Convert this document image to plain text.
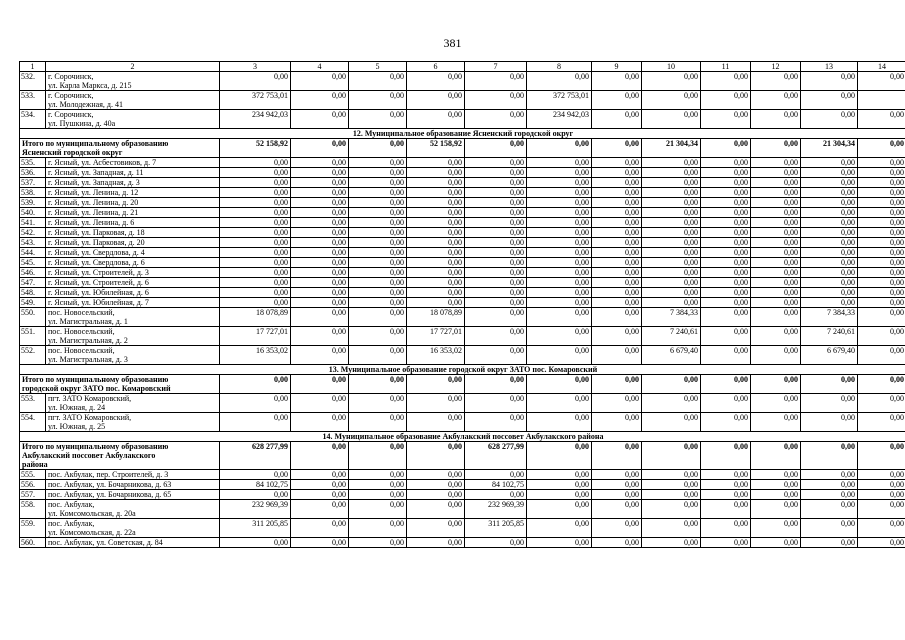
381
1	2	3	4	5	6	7	8	9	10	11	12	13	14
532.	г. Сорочинск,
ул. Карла Маркса, д. 215	0,00	0,00	0,00	0,00	0,00	0,00	0,00	0,00	0,00	0,00	0,00	0,00
533.	г. Сорочинск,
ул. Молодежная, д. 41	372 753,01	0,00	0,00	0,00	0,00	372 753,01	0,00	0,00	0,00	0,00	0,00	
534.	г. Сорочинск,
ул. Пушкина, д. 40а	234 942,03	0,00	0,00	0,00	0,00	234 942,03	0,00	0,00	0,00	0,00	0,00	0,00
12. Муниципальное образование Ясненский городской округ													
Итого по муниципальному образованию
Ясненский городской округ		52 158,92	0,00	0,00	52 158,92	0,00	0,00	0,00	21 304,34	0,00	0,00	21 304,34	0,00
535.	г. Ясный, ул. Асбестовиков, д. 7	0,00	0,00	0,00	0,00	0,00	0,00	0,00	0,00	0,00	0,00	0,00	0,00
536.	г. Ясный, ул. Западная, д. 11	0,00	0,00	0,00	0,00	0,00	0,00	0,00	0,00	0,00	0,00	0,00	0,00
537.	г. Ясный, ул. Западная, д. 3	0,00	0,00	0,00	0,00	0,00	0,00	0,00	0,00	0,00	0,00	0,00	0,00
538.	г. Ясный, ул. Ленина, д. 12	0,00	0,00	0,00	0,00	0,00	0,00	0,00	0,00	0,00	0,00	0,00	0,00
539.	г. Ясный, ул. Ленина, д. 20	0,00	0,00	0,00	0,00	0,00	0,00	0,00	0,00	0,00	0,00	0,00	0,00
540.	г. Ясный, ул. Ленина, д. 21	0,00	0,00	0,00	0,00	0,00	0,00	0,00	0,00	0,00	0,00	0,00	0,00
541.	г. Ясный, ул. Ленина, д. 6	0,00	0,00	0,00	0,00	0,00	0,00	0,00	0,00	0,00	0,00	0,00	0,00
542.	г. Ясный, ул. Парковая, д. 18	0,00	0,00	0,00	0,00	0,00	0,00	0,00	0,00	0,00	0,00	0,00	0,00
543.	г. Ясный, ул. Парковая, д. 20	0,00	0,00	0,00	0,00	0,00	0,00	0,00	0,00	0,00	0,00	0,00	0,00
544.	г. Ясный, ул. Свердлова, д. 4	0,00	0,00	0,00	0,00	0,00	0,00	0,00	0,00	0,00	0,00	0,00	0,00
545.	г. Ясный, ул. Свердлова, д. 6	0,00	0,00	0,00	0,00	0,00	0,00	0,00	0,00	0,00	0,00	0,00	0,00
546.	г. Ясный, ул. Строителей, д. 3	0,00	0,00	0,00	0,00	0,00	0,00	0,00	0,00	0,00	0,00	0,00	0,00
547.	г. Ясный, ул. Строителей, д. 6	0,00	0,00	0,00	0,00	0,00	0,00	0,00	0,00	0,00	0,00	0,00	0,00
548.	г. Ясный, ул. Юбилейная, д. 6	0,00	0,00	0,00	0,00	0,00	0,00	0,00	0,00	0,00	0,00	0,00	0,00
549.	г. Ясный, ул. Юбилейная, д. 7	0,00	0,00	0,00	0,00	0,00	0,00	0,00	0,00	0,00	0,00	0,00	0,00
550.	пос. Новосельский,
ул. Магистральная, д. 1	18 078,89	0,00	0,00	18 078,89	0,00	0,00	0,00	7 384,33	0,00	0,00	7 384,33	0,00
551.	пос. Новосельский,
ул. Магистральная, д. 2	17 727,01	0,00	0,00	17 727,01	0,00	0,00	0,00	7 240,61	0,00	0,00	7 240,61	0,00
552.	пос. Новосельский,
ул. Магистральная, д. 3	16 353,02	0,00	0,00	16 353,02	0,00	0,00	0,00	6 679,40	0,00	0,00	6 679,40	0,00
13. Муниципальное образование городской округ ЗАТО пос. Комаровский													
Итого по муниципальному образованию
городской округ ЗАТО пос. Комаровский		0,00	0,00	0,00	0,00	0,00	0,00	0,00	0,00	0,00	0,00	0,00	0,00
553.	пгт. ЗАТО Комаровский,
ул. Южная, д. 24	0,00	0,00	0,00	0,00	0,00	0,00	0,00	0,00	0,00	0,00	0,00	0,00
554.	пгт. ЗАТО Комаровский,
ул. Южная, д. 25	0,00	0,00	0,00	0,00	0,00	0,00	0,00	0,00	0,00	0,00	0,00	0,00
14. Муниципальное образование Акбулакский поссовет Акбулакского района													
Итого по муниципальному образованию
Акбулакский поссовет Акбулакского
района		628 277,99	0,00	0,00	0,00	628 277,99	0,00	0,00	0,00	0,00	0,00	0,00	0,00
555.	пос. Акбулак, пер. Строителей, д. 3	0,00	0,00	0,00	0,00	0,00	0,00	0,00	0,00	0,00	0,00	0,00	0,00
556.	пос. Акбулак, ул. Бочарникова, д. 63	84 102,75	0,00	0,00	0,00	84 102,75	0,00	0,00	0,00	0,00	0,00	0,00	0,00
557.	пос. Акбулак, ул. Бочарникова, д. 65	0,00	0,00	0,00	0,00	0,00	0,00	0,00	0,00	0,00	0,00	0,00	0,00
558.	пос. Акбулак,
ул. Комсомольская, д. 20а	232 969,39	0,00	0,00	0,00	232 969,39	0,00	0,00	0,00	0,00	0,00	0,00	0,00
559.	пос. Акбулак,
ул. Комсомольская, д. 22а	311 205,85	0,00	0,00	0,00	311 205,85	0,00	0,00	0,00	0,00	0,00	0,00	0,00
560.	пос. Акбулак, ул. Советская, д. 84	0,00	0,00	0,00	0,00	0,00	0,00	0,00	0,00	0,00	0,00	0,00	0,00
